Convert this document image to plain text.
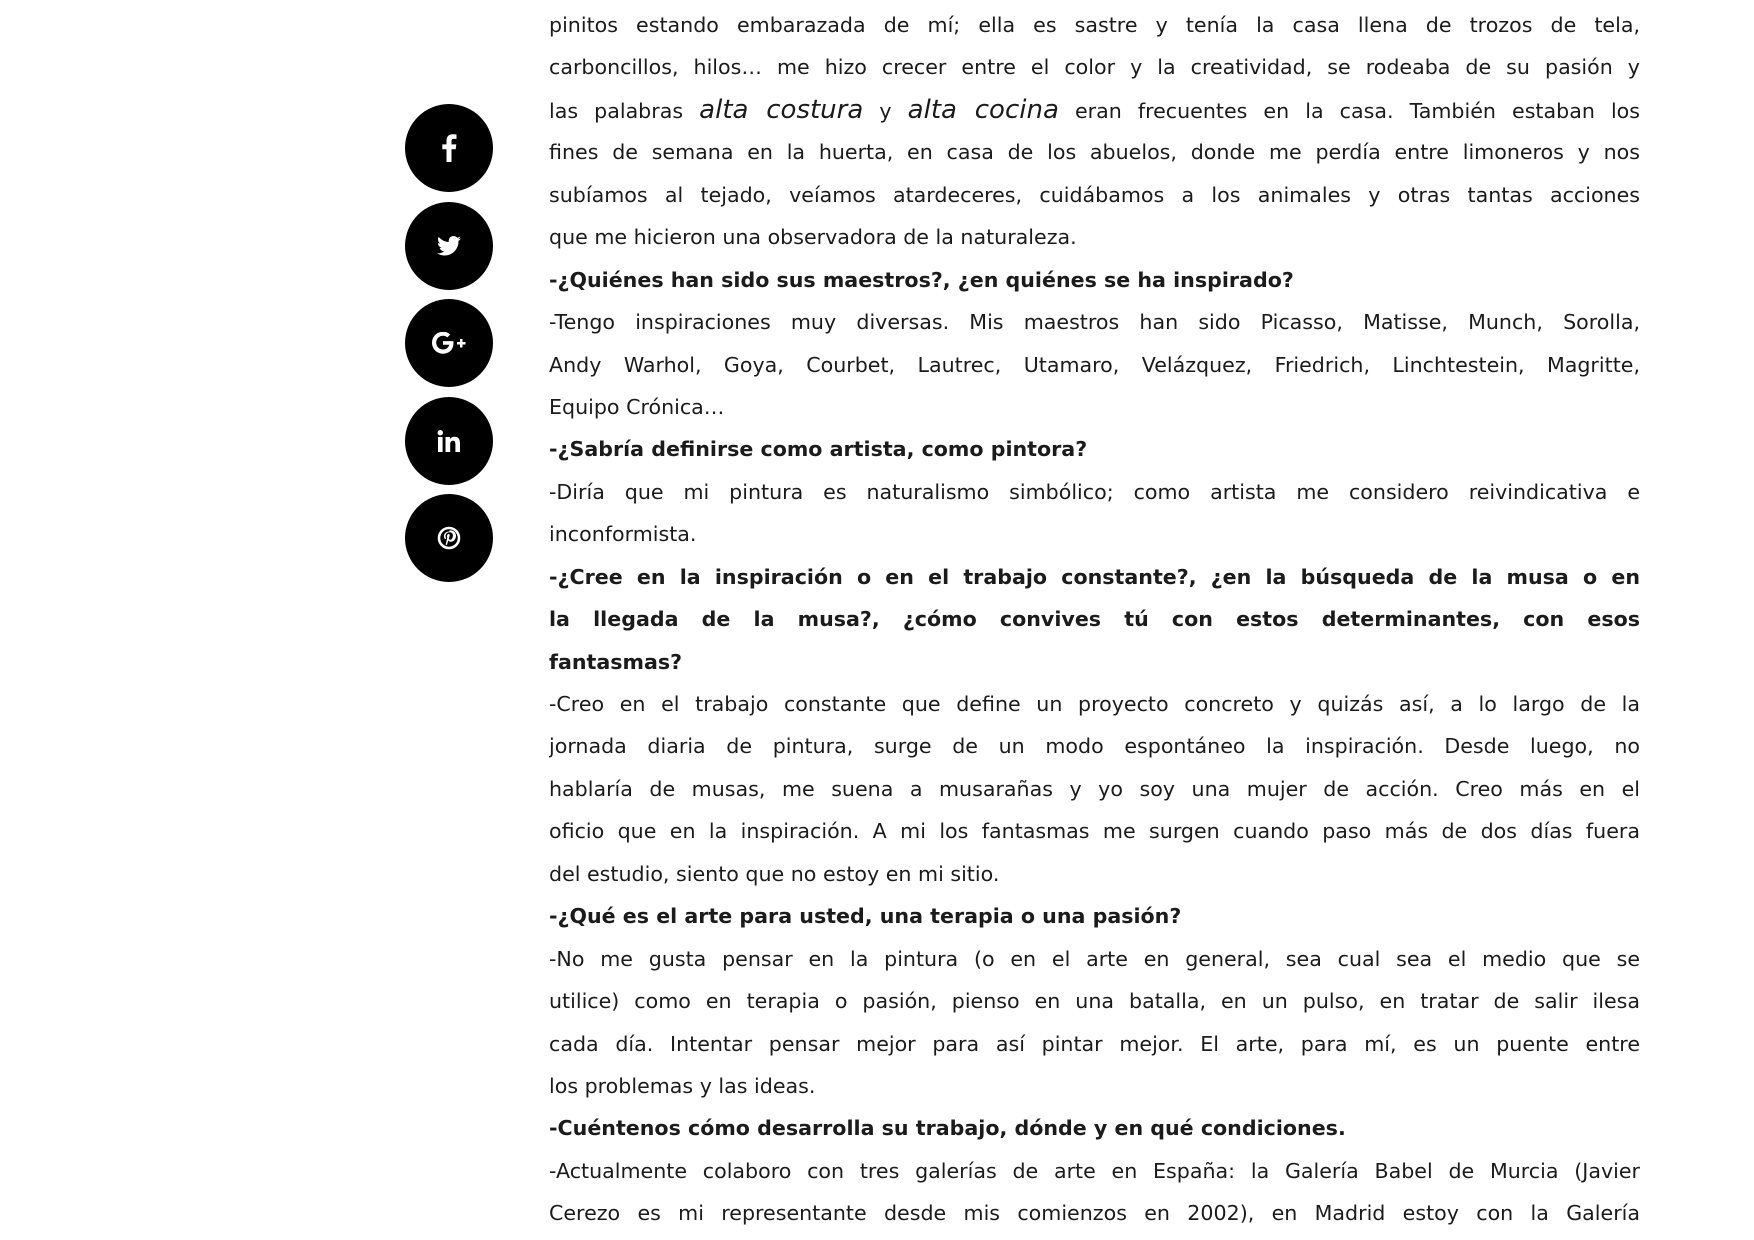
pinitos estando embarazada de mí; ella es sastre y tenía la casa llena de trozos de tela,
carboncillos, hilos… me hizo crecer entre el color y la creatividad, se rodeaba de su pasión y
las palabras alta costura y alta cocina eran frecuentes en la casa. También estaban los
fines de semana en la huerta, en casa de los abuelos, donde me perdía entre limoneros y nos
subíamos al tejado, veíamos atardeceres, cuidábamos a los animales y otras tantas acciones
que me hicieron una observadora de la naturaleza.
-¿Quiénes han sido sus maestros?, ¿en quiénes se ha inspirado?
-Tengo inspiraciones muy diversas. Mis maestros han sido Picasso, Matisse, Munch, Sorolla,
Andy Warhol, Goya, Courbet, Lautrec, Utamaro, Velázquez, Friedrich, Linchtestein, Magritte,
Equipo Crónica…
-¿Sabría definirse como artista, como pintora?
-Diría que mi pintura es naturalismo simbólico; como artista me considero reivindicativa e
inconformista.
-¿Cree en la inspiración o en el trabajo constante?, ¿en la búsqueda de la musa o en
la llegada de la musa?, ¿cómo convives tú con estos determinantes, con esos
fantasmas?
-Creo en el trabajo constante que define un proyecto concreto y quizás así, a lo largo de la
jornada diaria de pintura, surge de un modo espontáneo la inspiración. Desde luego, no
hablaría de musas, me suena a musarañas y yo soy una mujer de acción. Creo más en el
oficio que en la inspiración. A mi los fantasmas me surgen cuando paso más de dos días fuera
del estudio, siento que no estoy en mi sitio.
-¿Qué es el arte para usted, una terapia o una pasión?
-No me gusta pensar en la pintura (o en el arte en general, sea cual sea el medio que se
utilice) como en terapia o pasión, pienso en una batalla, en un pulso, en tratar de salir ilesa
cada día. Intentar pensar mejor para así pintar mejor. El arte, para mí, es un puente entre
los problemas y las ideas.
-Cuéntenos cómo desarrolla su trabajo, dónde y en qué condiciones.
-Actualmente colaboro con tres galerías de arte en España: la Galería Babel de Murcia (Javier
Cerezo es mi representante desde mis comienzos en 2002), en Madrid estoy con la Galería
